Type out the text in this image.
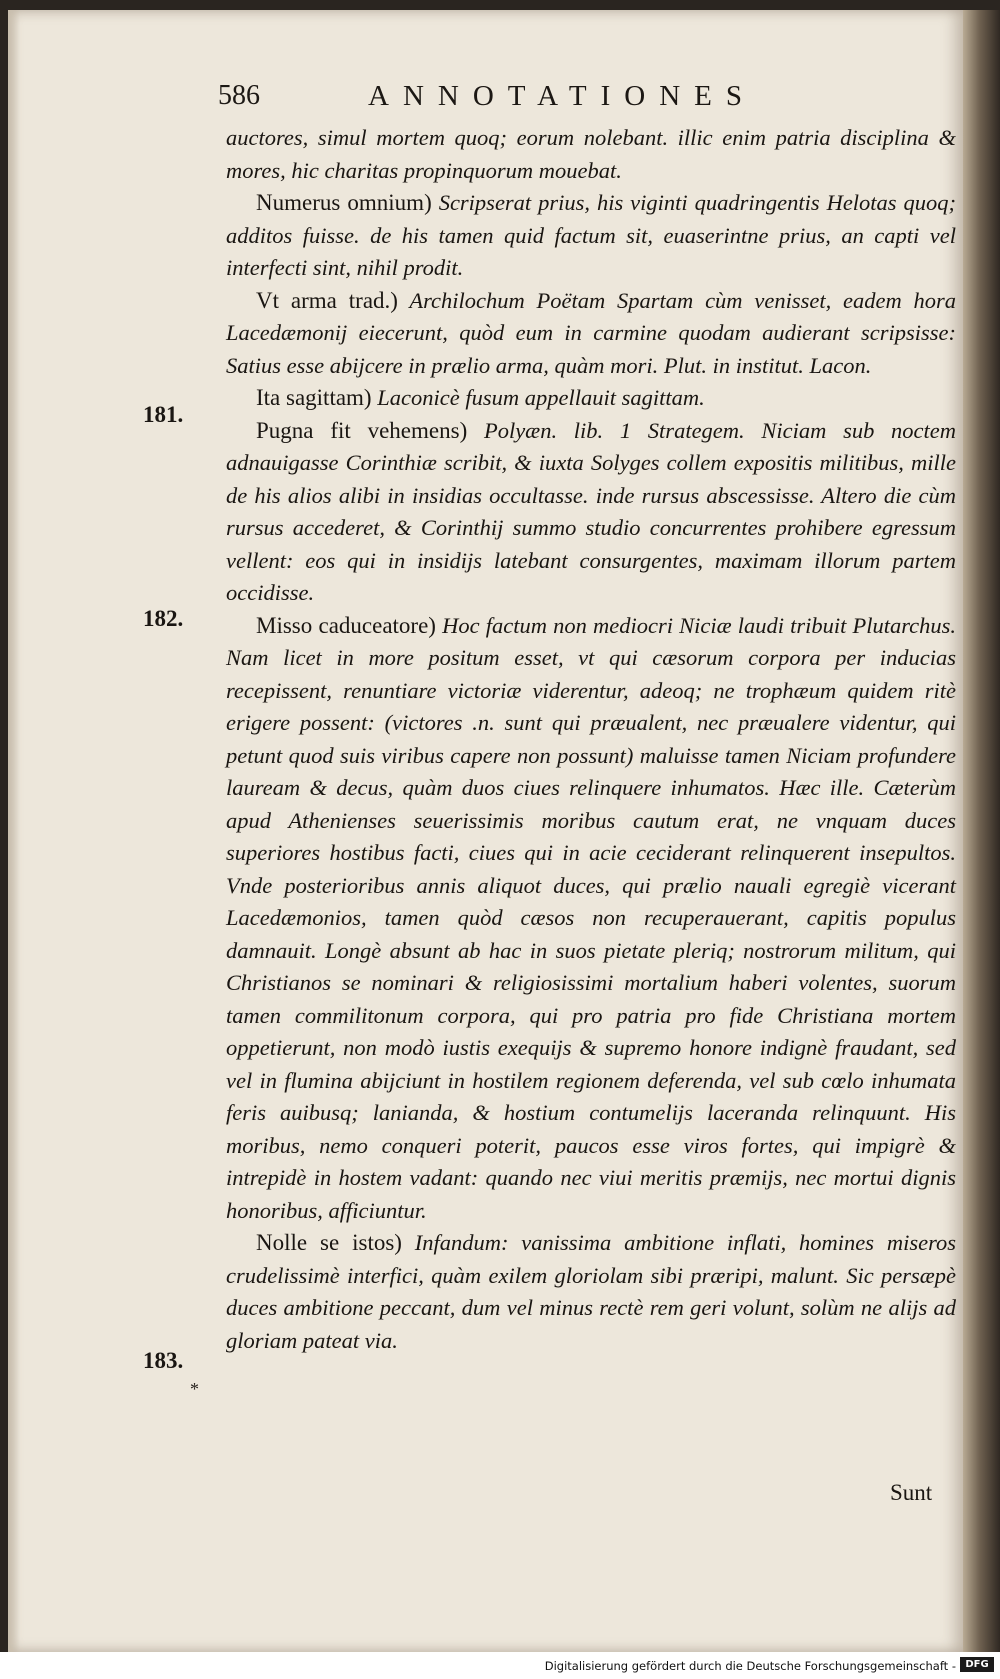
586	ANNOTATIONES
181.
182.
183.
*

auctores, simul mortem quoq; eorum nolebant. illic enim patria disciplina & mores, hic charitas propinquorum mouebat.

Numerus omnium) Scripserat prius, his viginti quadringentis Helotas quoq; additos fuisse. de his tamen quid factum sit, euaserintne prius, an capti vel interfecti sint, nihil prodit.

Vt arma trad.) Archilochum Poëtam Spartam cùm venisset, eadem hora Lacedæmonij eiecerunt, quòd eum in carmine quodam audierant scripsisse: Satius esse abijcere in prælio arma, quàm mori. Plut. in institut. Lacon.

Ita sagittam) Laconicè fusum appellauit sagittam.

Pugna fit vehemens) Polyæn. lib. 1 Strategem. Niciam sub noctem adnauigasse Corinthiæ scribit, & iuxta Solyges collem expositis militibus, mille de his alios alibi in insidias occultasse. inde rursus abscessisse. Altero die cùm rursus accederet, & Corinthij summo studio concurrentes prohibere egressum vellent: eos qui in insidijs latebant consurgentes, maximam illorum partem occidisse.

Misso caduceatore) Hoc factum non mediocri Niciæ laudi tribuit Plutarchus. Nam licet in more positum esset, vt qui cæsorum corpora per inducias recepissent, renuntiare victoriæ viderentur, adeoq; ne trophæum quidem ritè erigere possent: (victores .n. sunt qui præualent, nec præualere videntur, qui petunt quod suis viribus capere non possunt) maluisse tamen Niciam profundere lauream & decus, quàm duos ciues relinquere inhumatos. Hæc ille. Cæterùm apud Athenienses seuerissimis moribus cautum erat, ne vnquam duces superiores hostibus facti, ciues qui in acie ceciderant relinquerent insepultos. Vnde posterioribus annis aliquot duces, qui prælio nauali egregiè vicerant Lacedæmonios, tamen quòd cæsos non recuperauerant, capitis populus damnauit. Longè absunt ab hac in suos pietate pleriq; nostrorum militum, qui Christianos se nominari & religiosissimi mortalium haberi volentes, suorum tamen commilitonum corpora, qui pro patria pro fide Christiana mortem oppetierunt, non modò iustis exequijs & supremo honore indignè fraudant, sed vel in flumina abijciunt in hostilem regionem deferenda, vel sub cœlo inhumata feris auibusq; lanianda, & hostium contumelijs laceranda relinquunt. His moribus, nemo conqueri poterit, paucos esse viros fortes, qui impigrè & intrepidè in hostem vadant: quando nec viui meritis præmijs, nec mortui dignis honoribus, afficiuntur.

Nolle se istos) Infandum: vanissima ambitione inflati, homines miseros crudelissimè interfici, quàm exilem gloriolam sibi præripi, malunt. Sic persæpè duces ambitione peccant, dum vel minus rectè rem geri volunt, solùm ne alijs ad gloriam pateat via.

Sunt
Digitalisierung gefördert durch die Deutsche Forschungsgemeinschaft - DFG
